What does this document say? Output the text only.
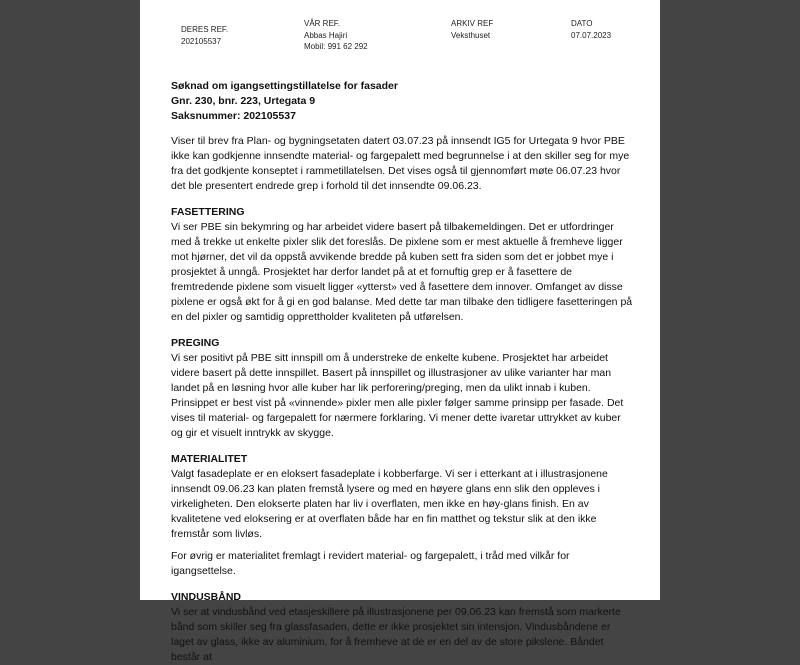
DERES REF.
202105537
VÅR REF.
Abbas Hajiri
Mobil: 991 62 292
ARKIV REF
Veksthuset
DATO
07.07.2023
Søknad om igangsettingstillatelse for fasader
Gnr. 230, bnr. 223, Urtegata 9
Saksnummer: 202105537

Viser til brev fra Plan- og bygningsetaten datert 03.07.23 på innsendt IG5 for Urtegata 9 hvor PBE ikke kan godkjenne innsendte material- og fargepalett med begrunnelse i at den skiller seg for mye fra det godkjente konseptet i rammetillatelsen. Det vises også til gjennomført møte 06.07.23 hvor det ble presentert endrede grep i forhold til det innsendte 09.06.23.

FASETTERING

Vi ser PBE sin bekymring og har arbeidet videre basert på tilbakemeldingen. Det er utfordringer med å trekke ut enkelte pixler slik det foreslås. De pixlene som er mest aktuelle å fremheve ligger mot hjørner, det vil da oppstå avvikende bredde på kuben sett fra siden som det er jobbet mye i prosjektet å unngå. Prosjektet har derfor landet på at et fornuftig grep er å fasettere de fremtredende pixlene som visuelt ligger «ytterst» ved å fasettere dem innover. Omfanget av disse pixlene er også økt for å gi en god balanse. Med dette tar man tilbake den tidligere fasetteringen på en del pixler og samtidig opprettholder kvaliteten på utførelsen.

PREGING

Vi ser positivt på PBE sitt innspill om å understreke de enkelte kubene. Prosjektet har arbeidet videre basert på dette innspillet. Basert på innspillet og illustrasjoner av ulike varianter har man landet på en løsning hvor alle kuber har lik perforering/preging, men da ulikt innab i kuben. Prinsippet er best vist på «vinnende» pixler men alle pixler følger samme prinsipp per fasade. Det vises til material- og fargepalett for nærmere forklaring. Vi mener dette ivaretar uttrykket av kuber og gir et visuelt inntrykk av skygge.

MATERIALITET

Valgt fasadeplate er en eloksert fasadeplate i kobberfarge. Vi ser i etterkant at i illustrasjonene innsendt 09.06.23 kan platen fremstå lysere og med en høyere glans enn slik den oppleves i virkeligheten. Den elokserte platen har liv i overflaten, men ikke en høy-glans finish. En av kvalitetene ved eloksering er at overflaten både har en fin matthet og tekstur slik at den ikke fremstår som livløs.

For øvrig er materialitet fremlagt i revidert material- og fargepalett, i tråd med vilkår for igangsettelse.

VINDUSBÅND

Vi ser at vindusbånd ved etasjeskillere på illustrasjonene per 09.06.23 kan fremstå som markerte bånd som skiller seg fra glassfasaden, dette er ikke prosjektet sin intensjon. Vindusbåndene er laget av glass, ikke av aluminium, for å fremheve at de er en del av de store pikslene. Båndet består at
